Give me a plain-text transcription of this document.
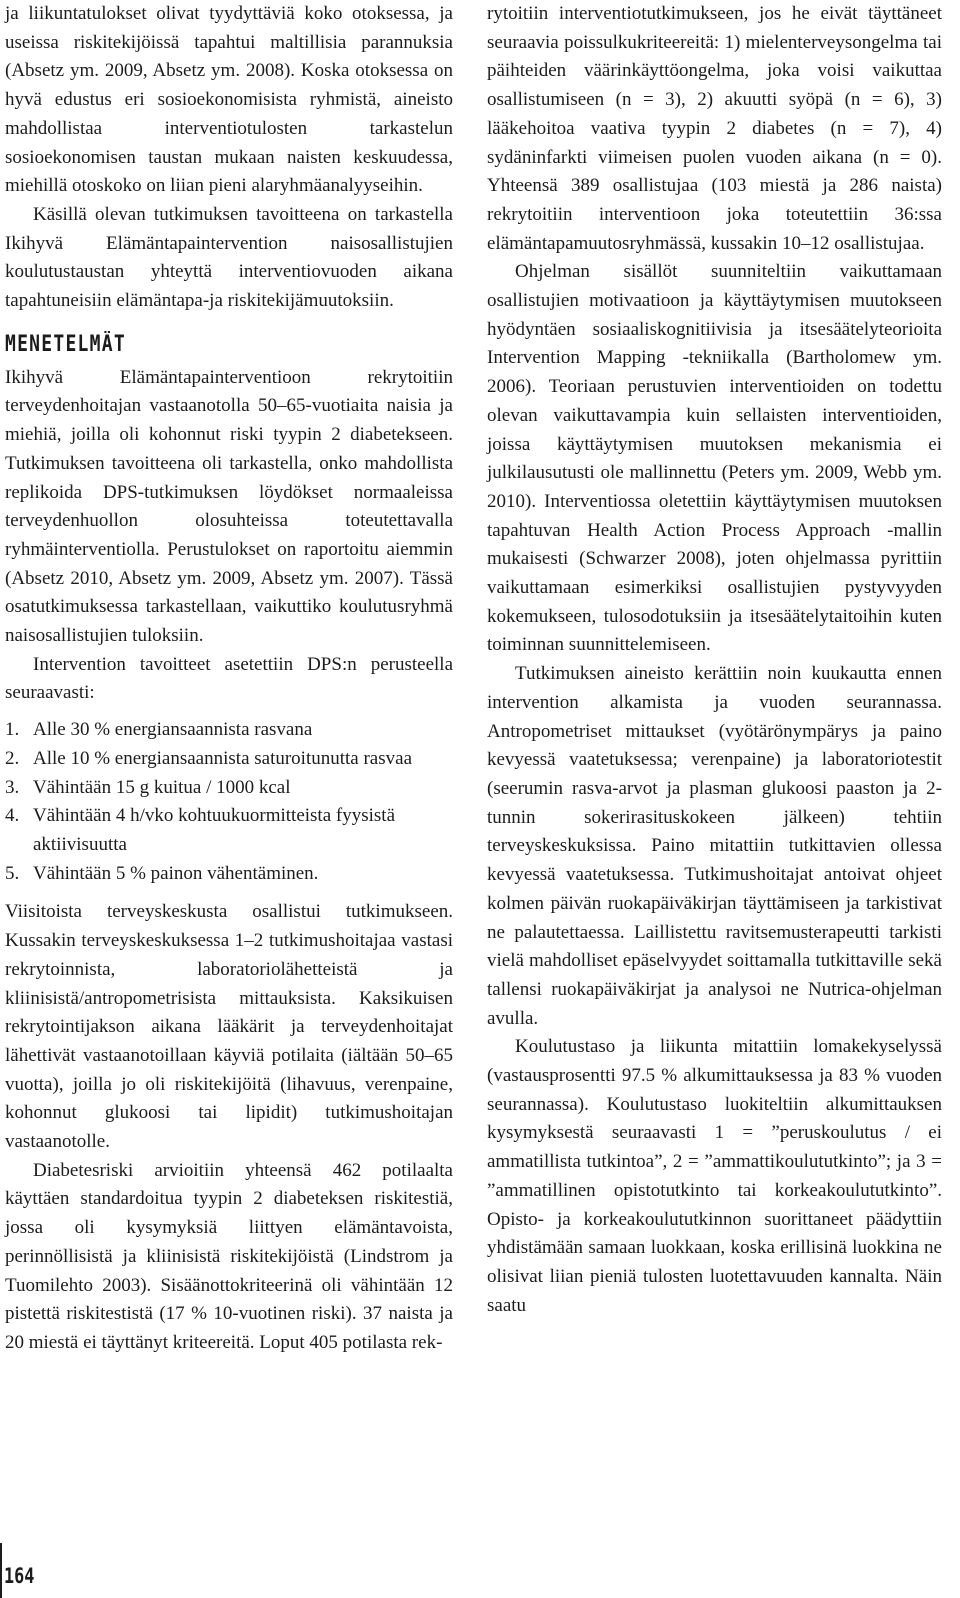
ja liikuntatulokset olivat tyydyttäviä koko otoksessa, ja useissa riskitekijöissä tapahtui maltillisia parannuksia (Absetz ym. 2009, Absetz ym. 2008). Koska otoksessa on hyvä edustus eri sosioekonomisista ryhmistä, aineisto mahdollistaa interventiotulosten tarkastelun sosioekonomisen taustan mukaan naisten keskuudessa, miehillä otoskoko on liian pieni alaryhmäanalyyseihin.

Käsillä olevan tutkimuksen tavoitteena on tarkastella Ikihyvä Elämäntapaintervention naisosallistujien koulutustaustan yhteyttä interventiovuoden aikana tapahtuneisiin elämäntapa-ja riskitekijämuutoksiin.

MENETELMÄT

Ikihyvä Elämäntapainterventioon rekrytoitiin terveydenhoitajan vastaanotolla 50–65-vuotiaita naisia ja miehiä, joilla oli kohonnut riski tyypin 2 diabetekseen. Tutkimuksen tavoitteena oli tarkastella, onko mahdollista replikoida DPS-tutkimuksen löydökset normaaleissa terveydenhuollon olosuhteissa toteutettavalla ryhmäinterventiolla. Perustulokset on raportoitu aiemmin (Absetz 2010, Absetz ym. 2009, Absetz ym. 2007). Tässä osatutkimuksessa tarkastellaan, vaikuttiko koulutusryhmä naisosallistujien tuloksiin.

Intervention tavoitteet asetettiin DPS:n perusteella seuraavasti:

1. Alle 30 % energiansaannista rasvana
2. Alle 10 % energiansaannista saturoitunutta rasvaa
3. Vähintään 15 g kuitua / 1000 kcal
4. Vähintään 4 h/vko kohtuukuormitteista fyysistä aktiivisuutta
5. Vähintään 5 % painon vähentäminen.

Viisitoista terveyskeskusta osallistui tutkimukseen. Kussakin terveyskeskuksessa 1–2 tutkimushoitajaa vastasi rekrytoinnista, laboratoriolähetteistä ja kliinisistä/antropometrisista mittauksista. Kaksikuisen rekrytointijakson aikana lääkärit ja terveydenhoitajat lähettivät vastaanotoillaan käyviä potilaita (iältään 50–65 vuotta), joilla jo oli riskitekijöitä (lihavuus, verenpaine, kohonnut glukoosi tai lipidit) tutkimushoitajan vastaanotolle.

Diabetesriski arvioitiin yhteensä 462 potilaalta käyttäen standardoitua tyypin 2 diabeteksen riskitestiä, jossa oli kysymyksiä liittyen elämäntavoista, perinnöllisistä ja kliinisistä riskitekijöistä (Lindstrom ja Tuomilehto 2003). Sisäänottokriteerinä oli vähintään 12 pistettä riskitestistä (17 % 10-vuotinen riski). 37 naista ja 20 miestä ei täyttänyt kriteereitä. Loput 405 potilasta rek-

rytoitiin interventiotutkimukseen, jos he eivät täyttäneet seuraavia poissulkukriteereitä: 1) mielenterveysongelma tai päihteiden väärinkäyttöongelma, joka voisi vaikuttaa osallistumiseen (n = 3), 2) akuutti syöpä (n = 6), 3) lääkehoitoa vaativa tyypin 2 diabetes (n = 7), 4) sydäninfarkti viimeisen puolen vuoden aikana (n = 0). Yhteensä 389 osallistujaa (103 miestä ja 286 naista) rekrytoitiin interventioon joka toteutettiin 36:ssa elämäntapamuutosryhmässä, kussakin 10–12 osallistujaa.

Ohjelman sisällöt suunniteltiin vaikuttamaan osallistujien motivaatioon ja käyttäytymisen muutokseen hyödyntäen sosiaaliskognitiivisia ja itsesäätelyteorioita Intervention Mapping -tekniikalla (Bartholomew ym. 2006). Teoriaan perustuvien interventioiden on todettu olevan vaikuttavampia kuin sellaisten interventioiden, joissa käyttäytymisen muutoksen mekanismia ei julkilausutusti ole mallinnettu (Peters ym. 2009, Webb ym. 2010). Interventiossa oletettiin käyttäytymisen muutoksen tapahtuvan Health Action Process Approach -mallin mukaisesti (Schwarzer 2008), joten ohjelmassa pyrittiin vaikuttamaan esimerkiksi osallistujien pystyvyyden kokemukseen, tulosodotuksiin ja itsesäätelytaitoihin kuten toiminnan suunnittelemiseen.

Tutkimuksen aineisto kerättiin noin kuukautta ennen intervention alkamista ja vuoden seurannassa. Antropometriset mittaukset (vyötärönympärys ja paino kevyessä vaatetuksessa; verenpaine) ja laboratoriotestit (seerumin rasva-arvot ja plasman glukoosi paaston ja 2-tunnin sokerirasituskokeen jälkeen) tehtiin terveyskeskuksissa. Paino mitattiin tutkittavien ollessa kevyessä vaatetuksessa. Tutkimushoitajat antoivat ohjeet kolmen päivän ruokapäiväkirjan täyttämiseen ja tarkistivat ne palautettaessa. Laillistettu ravitsemusterapeutti tarkisti vielä mahdolliset epäselvyydet soittamalla tutkittaville sekä tallensi ruokapäiväkirjat ja analysoi ne Nutrica-ohjelman avulla.

Koulutustaso ja liikunta mitattiin lomakekyselyssä (vastausprosentti 97.5 % alkumittauksessa ja 83 % vuoden seurannassa). Koulutustaso luokiteltiin alkumittauksen kysymyksestä seuraavasti 1 = ”peruskoulutus / ei ammatillista tutkintoa”, 2 = ”ammattikoulututkinto”; ja 3 = ”ammatillinen opistotutkinto tai korkeakoulututkinto”. Opisto- ja korkeakoulututkinnon suorittaneet päädyttiin yhdistämään samaan luokkaan, koska erillisinä luokkina ne olisivat liian pieniä tulosten luotettavuuden kannalta. Näin saatu

164
